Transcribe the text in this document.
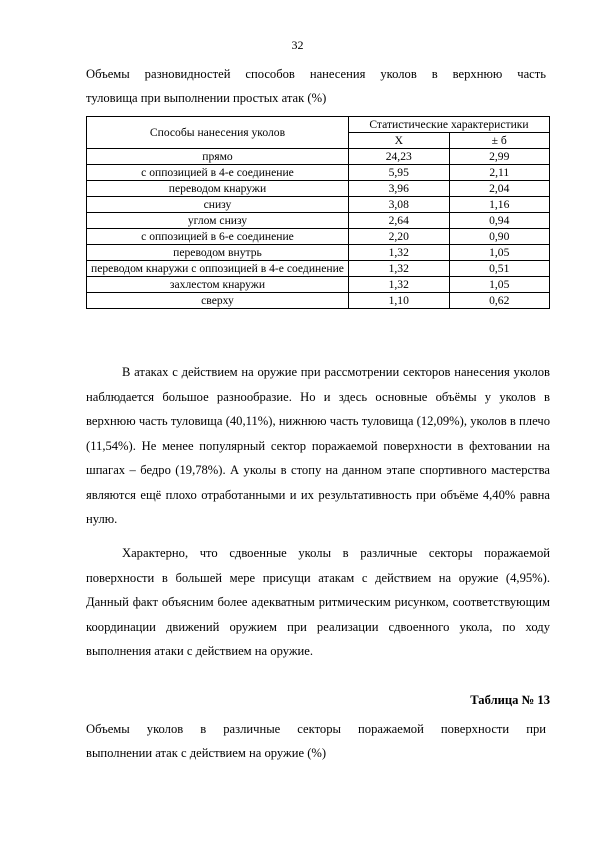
32
Объемы разновидностей способов нанесения уколов в верхнюю часть
туловища при выполнении простых атак (%)
Способы нанесения уколов	Статистические характеристики	
	X	± б
прямо	24,23	2,99
с оппозицией в 4-е соединение	5,95	2,11
переводом кнаружи	3,96	2,04
снизу	3,08	1,16
углом снизу	2,64	0,94
с оппозицией в 6-е соединение	2,20	0,90
переводом внутрь	1,32	1,05
переводом кнаружи с оппозицией в 4-е соединение	1,32	0,51
захлестом кнаружи	1,32	1,05
сверху	1,10	0,62

В атаках с действием на оружие при рассмотрении секторов нанесения уколов наблюдается большое разнообразие. Но и здесь основные объёмы у уколов в верхнюю часть туловища (40,11%), нижнюю часть туловища (12,09%), уколов в плечо (11,54%). Не менее популярный сектор поражаемой поверхности в фехтовании на шпагах – бедро (19,78%). А уколы в стопу на данном этапе спортивного мастерства являются ещё плохо отработанными и их результативность при объёме 4,40% равна нулю.

Характерно, что сдвоенные уколы в различные секторы поражаемой поверхности в большей мере присущи атакам с действием на оружие (4,95%). Данный факт объясним более адекватным ритмическим рисунком, соответствующим координации движений оружием при реализации сдвоенного укола, по ходу выполнения атаки с действием на оружие.

Таблица № 13
Объемы уколов в различные секторы поражаемой поверхности при
выполнении атак с действием на оружие (%)
